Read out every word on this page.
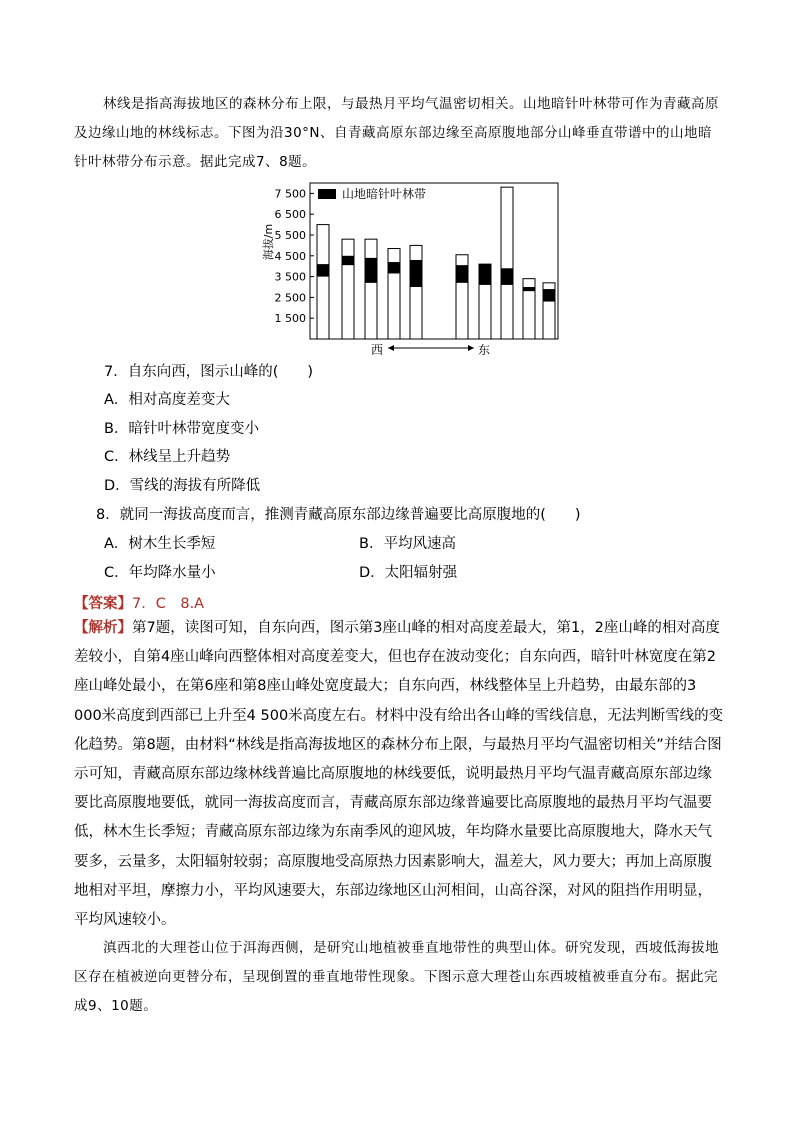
林线是指高海拔地区的森林分布上限，与最热月平均气温密切相关。山地暗针叶林带可作为青藏高原及边缘山地的林线标志。下图为沿30°N、自青藏高原东部边缘至高原腹地部分山峰垂直带谱中的山地暗针叶林带分布示意。据此完成7、8题。
山地暗针叶林带
7 500
6 500
5 500
4 500
3 500
2 500
1 500
海拔/m
西	东
7．自东向西，图示山峰的(　　)
A．相对高度差变大
B．暗针叶林带宽度变小
C．林线呈上升趋势
D．雪线的海拔有所降低
8．就同一海拔高度而言，推测青藏高原东部边缘普遍要比高原腹地的(　　)
A．树木生长季短	B．平均风速高
C．年均降水量小	D．太阳辐射强
【答案】7．C　8.A
【解析】第7题，读图可知，自东向西，图示第3座山峰的相对高度差最大，第1，2座山峰的相对高度差较小，自第4座山峰向西整体相对高度差变大，但也存在波动变化；自东向西，暗针叶林宽度在第2座山峰处最小，在第6座和第8座山峰处宽度最大；自东向西，林线整体呈上升趋势，由最东部的3 000米高度到西部已上升至4 500米高度左右。材料中没有给出各山峰的雪线信息，无法判断雪线的变化趋势。第8题，由材料“林线是指高海拔地区的森林分布上限，与最热月平均气温密切相关”并结合图示可知，青藏高原东部边缘林线普遍比高原腹地的林线要低，说明最热月平均气温青藏高原东部边缘要比高原腹地要低，就同一海拔高度而言，青藏高原东部边缘普遍要比高原腹地的最热月平均气温要低，林木生长季短；青藏高原东部边缘为东南季风的迎风坡，年均降水量要比高原腹地大，降水天气要多，云量多，太阳辐射较弱；高原腹地受高原热力因素影响大，温差大，风力要大；再加上高原腹地相对平坦，摩擦力小，平均风速要大，东部边缘地区山河相间，山高谷深，对风的阻挡作用明显，平均风速较小。
滇西北的大理苍山位于洱海西侧，是研究山地植被垂直地带性的典型山体。研究发现，西坡低海拔地区存在植被逆向更替分布，呈现倒置的垂直地带性现象。下图示意大理苍山东西坡植被垂直分布。据此完成9、10题。
